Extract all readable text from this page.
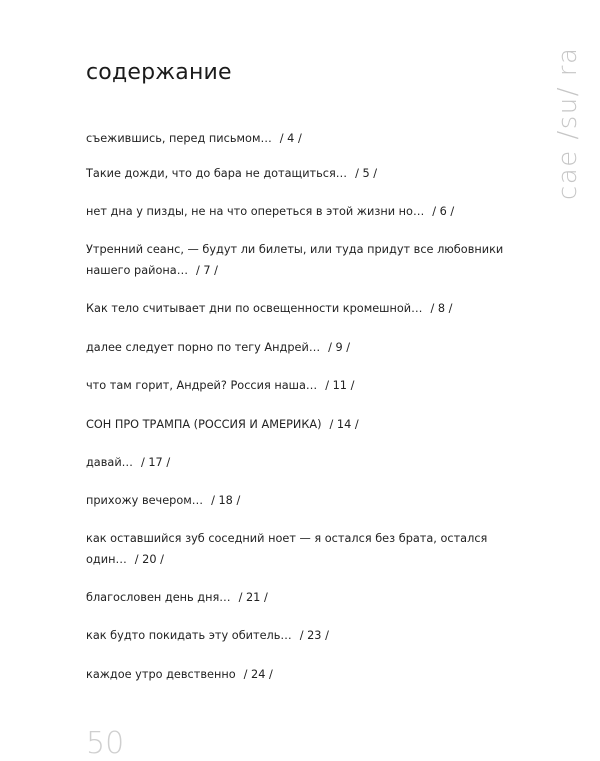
содержание
съежившись, перед письмом… / 4 /
Такие дожди, что до бара не дотащиться… / 5 /
нет дна у пизды, не на что опереться в этой жизни но… / 6 /
Утренний сеанс, — будут ли билеты, или туда придут все любовники
нашего района… / 7 /
Как тело считывает дни по освещенности кромешной… / 8 /
далее следует порно по тегу Андрей… / 9 /
что там горит, Андрей? Россия наша… / 11 /
СОН ПРО ТРАМПА (РОССИЯ И АМЕРИКА) / 14 /
давай… / 17 /
прихожу вечером… / 18 /
как оставшийся зуб соседний ноет — я остался без брата, остался
один… / 20 /
благословен день дня… / 21 /
как будто покидать эту обитель… / 23 /
каждое утро девственно / 24 /
cae /su/ ra
50
